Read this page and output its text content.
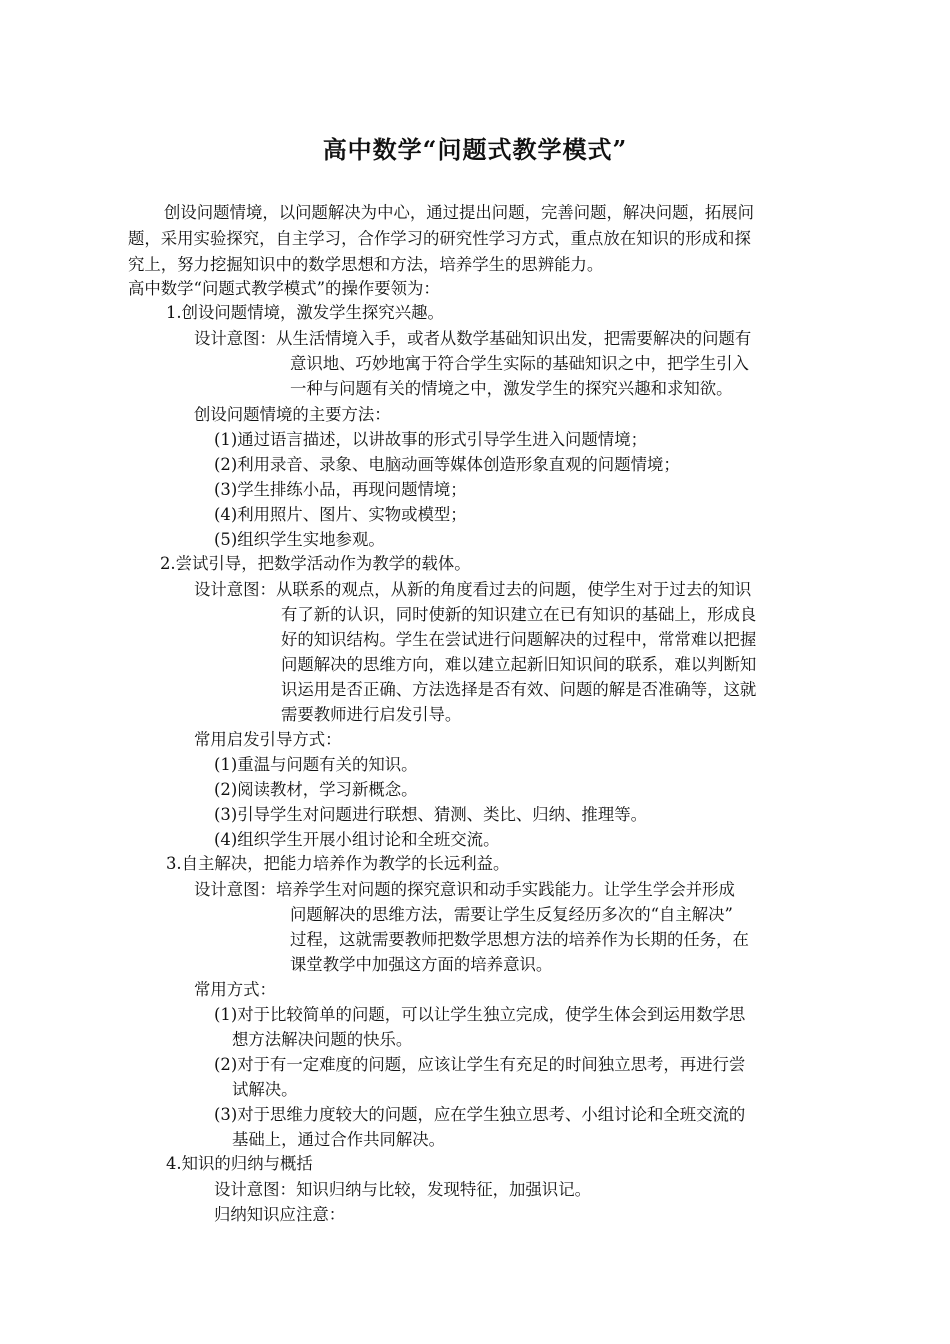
高中数学“问题式教学模式”
创设问题情境，以问题解决为中心，通过提出问题，完善问题，解决问题，拓展问
题，采用实验探究，自主学习，合作学习的研究性学习方式，重点放在知识的形成和探
究上，努力挖掘知识中的数学思想和方法，培养学生的思辨能力。
高中数学“问题式教学模式”的操作要领为：
1.创设问题情境，激发学生探究兴趣。
设计意图：从生活情境入手，或者从数学基础知识出发，把需要解决的问题有
意识地、巧妙地寓于符合学生实际的基础知识之中，把学生引入
一种与问题有关的情境之中，激发学生的探究兴趣和求知欲。
创设问题情境的主要方法：
(1)通过语言描述，以讲故事的形式引导学生进入问题情境；
(2)利用录音、录象、电脑动画等媒体创造形象直观的问题情境；
(3)学生排练小品，再现问题情境；
(4)利用照片、图片、实物或模型；
(5)组织学生实地参观。
2.尝试引导，把数学活动作为教学的载体。
设计意图：从联系的观点，从新的角度看过去的问题，使学生对于过去的知识
有了新的认识，同时使新的知识建立在已有知识的基础上，形成良
好的知识结构。学生在尝试进行问题解决的过程中，常常难以把握
问题解决的思维方向，难以建立起新旧知识间的联系，难以判断知
识运用是否正确、方法选择是否有效、问题的解是否准确等，这就
需要教师进行启发引导。
常用启发引导方式：
(1)重温与问题有关的知识。
(2)阅读教材，学习新概念。
(3)引导学生对问题进行联想、猜测、类比、归纳、推理等。
(4)组织学生开展小组讨论和全班交流。
3.自主解决，把能力培养作为教学的长远利益。
设计意图：培养学生对问题的探究意识和动手实践能力。让学生学会并形成
问题解决的思维方法，需要让学生反复经历多次的“自主解决”
过程，这就需要教师把数学思想方法的培养作为长期的任务，在
课堂教学中加强这方面的培养意识。
常用方式：
(1)对于比较简单的问题，可以让学生独立完成，使学生体会到运用数学思
想方法解决问题的快乐。
(2)对于有一定难度的问题，应该让学生有充足的时间独立思考，再进行尝
试解决。
(3)对于思维力度较大的问题，应在学生独立思考、小组讨论和全班交流的
基础上，通过合作共同解决。
4.知识的归纳与概括
设计意图：知识归纳与比较，发现特征，加强识记。
归纳知识应注意：
